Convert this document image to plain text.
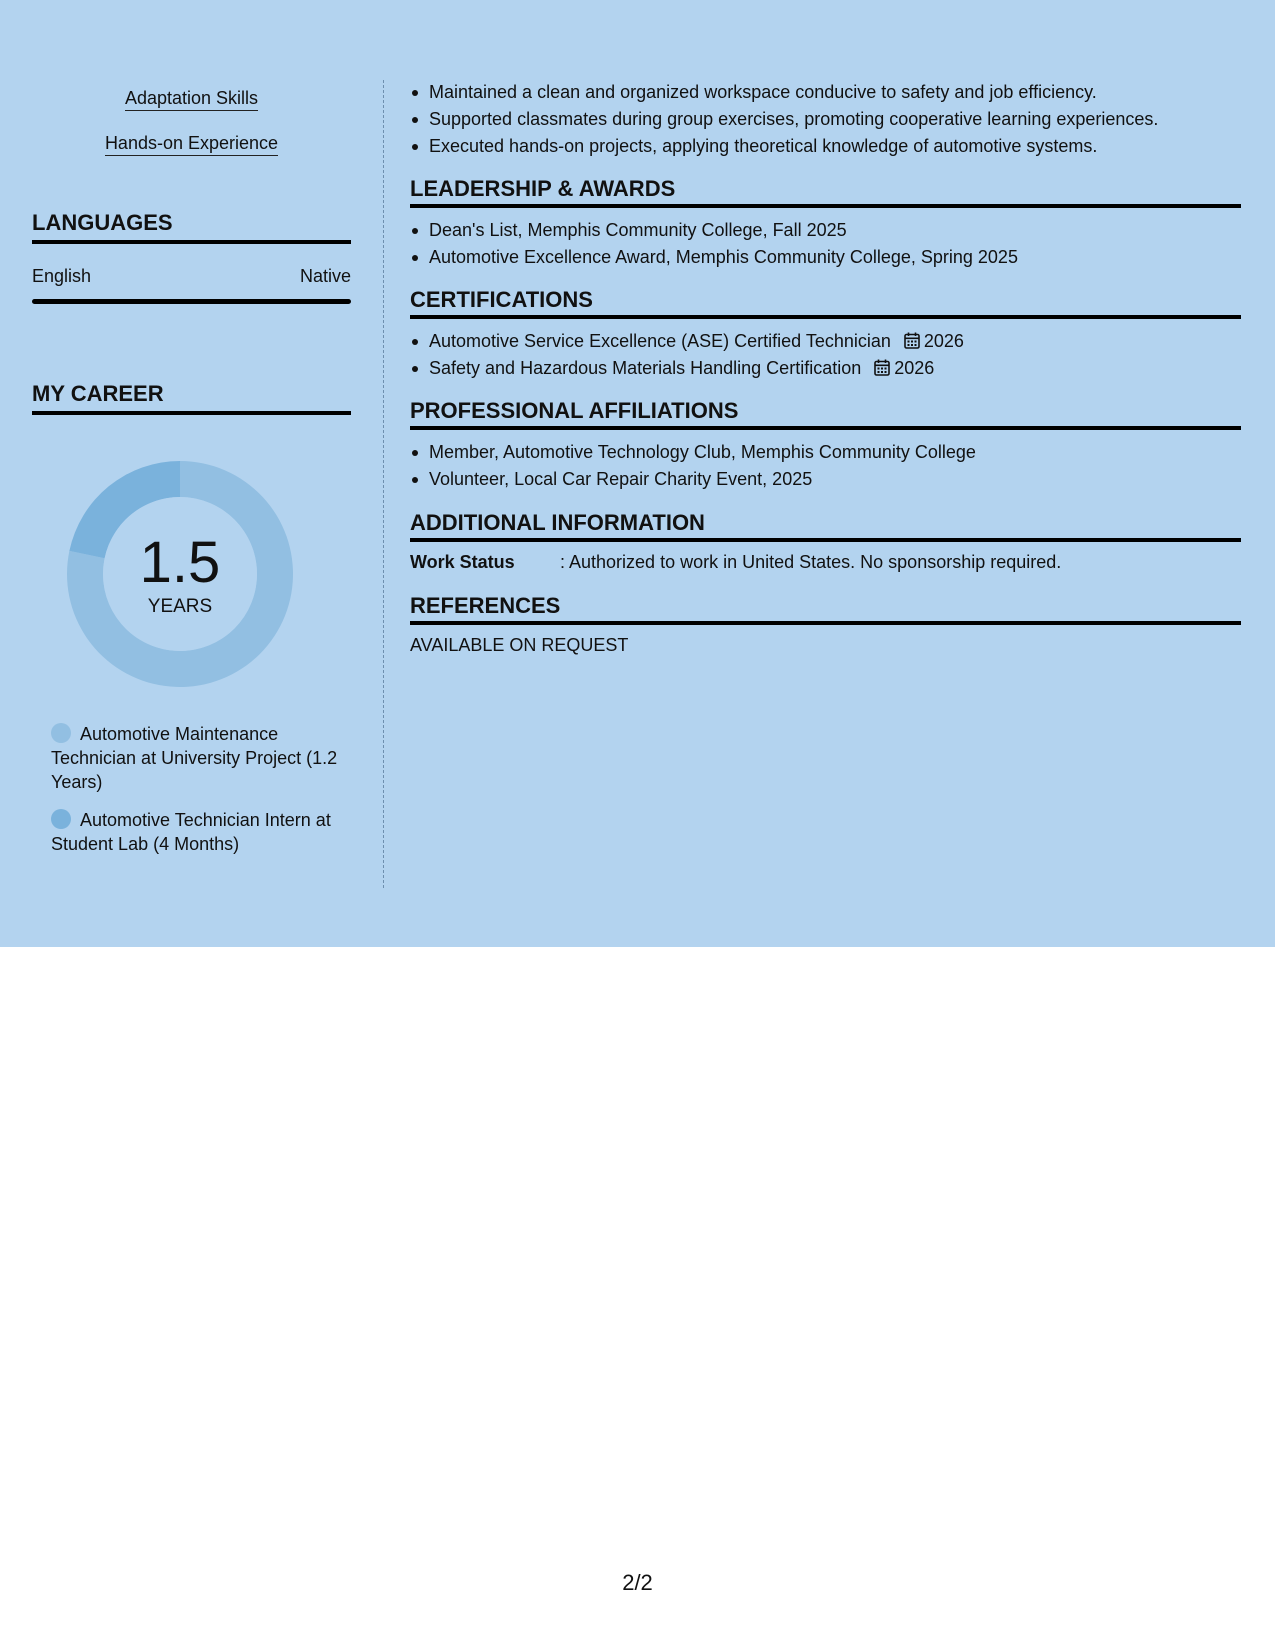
Adaptation Skills
Hands-on Experience
LANGUAGES
English	Native
MY CAREER
1.5
YEARS
Automotive Maintenance Technician at University Project (1.2 Years)
Automotive Technician Intern at Student Lab (4 Months)
Maintained a clean and organized workspace conducive to safety and job efficiency.
Supported classmates during group exercises, promoting cooperative learning experiences.
Executed hands-on projects, applying theoretical knowledge of automotive systems.
LEADERSHIP & AWARDS
Dean's List, Memphis Community College, Fall 2025
Automotive Excellence Award, Memphis Community College, Spring 2025
CERTIFICATIONS
Automotive Service Excellence (ASE) Certified Technician 2026
Safety and Hazardous Materials Handling Certification 2026
PROFESSIONAL AFFILIATIONS
Member, Automotive Technology Club, Memphis Community College
Volunteer, Local Car Repair Charity Event, 2025
ADDITIONAL INFORMATION
Work Status	: Authorized to work in United States. No sponsorship required.
REFERENCES
AVAILABLE ON REQUEST
2/2
